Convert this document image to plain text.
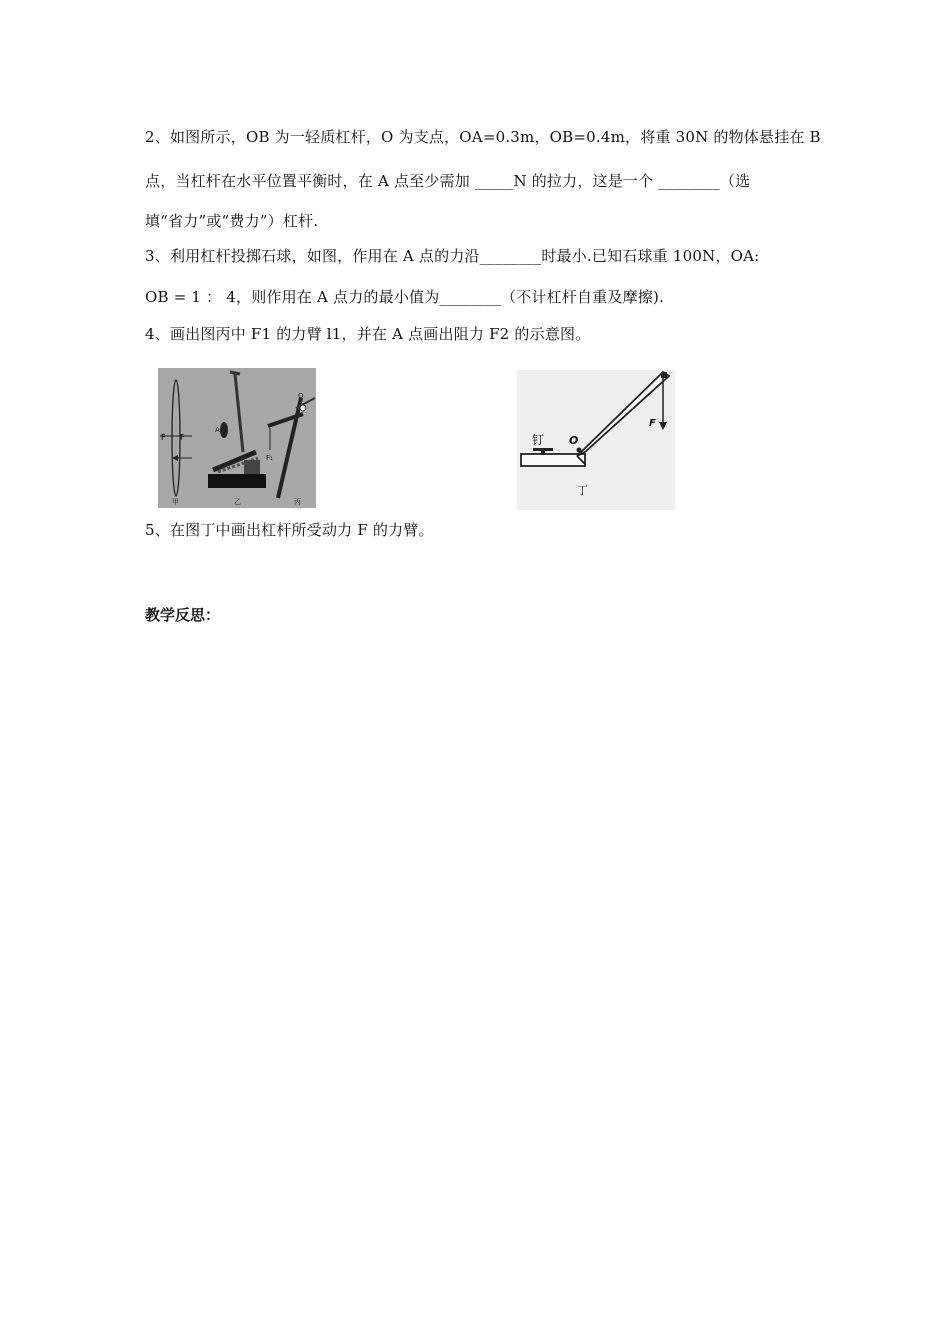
2、如图所示，OB 为一轻质杠杆，O 为支点，OA=0.3m，OB=0.4m，将重 30N 的物体悬挂在 B
点，当杠杆在水平位置平衡时，在 A 点至少需加 _____N 的拉力，这是一个 ________（选
填“省力”或“费力”）杠杆.
3、利用杠杆投掷石球，如图，作用在 A 点的力沿________时最小.已知石球重 100N，OA:
OB = 1 ： 4，则作用在 A 点力的最小值为________（不计杠杆自重及摩擦).
4、画出图丙中 F1 的力臂 l1，并在 A 点画出阻力 F2 的示意图。
F F
A
F₁
O
甲	乙	丙
钉 O
F
丁
5、在图丁中画出杠杆所受动力 F 的力臂。
教学反思：
